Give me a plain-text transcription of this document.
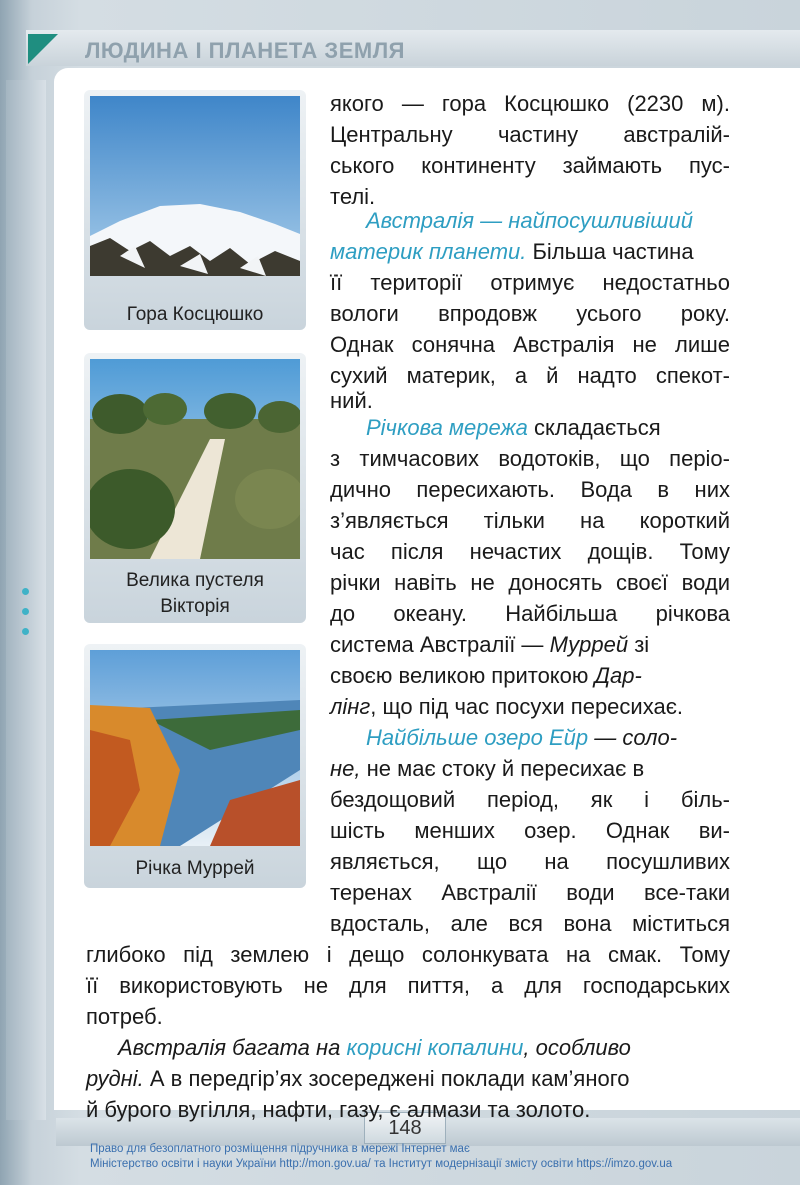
ЛЮДИНА І ПЛАНЕТА ЗЕМЛЯ
Гора Косцюшко
Велика пустеля
Вікторія
Річка Муррей
якого — гора Косцюшко (2230 м).
Центральну частину австралій-
ського континенту займають пус-
телі.
Австралія — найпосушливіший
материк планети. Більша частина
її території отримує недостатньо
вологи впродовж усього року.
Однак сонячна Австралія не лише
сухий материк, а й надто спекот-
ний.
Річкова мережа складається
з тимчасових водотоків, що періо-
дично пересихають. Вода в них
з’являється тільки на короткий
час після нечастих дощів. Тому
річки навіть не доносять своєї води
до океану. Найбільша річкова
система Австралії — Муррей зі
своєю великою притокою Дар-
лінг, що під час посухи пересихає.
Найбільше озеро Ейр — соло-
не, не має стоку й пересихає в
бездощовий період, як і біль-
шість менших озер. Однак ви-
являється, що на посушливих
теренах Австралії води все-таки
вдосталь, але вся вона міститься
глибоко під землею і дещо солонкувата на смак. Тому
її використовують не для пиття, а для господарських
потреб.
Австралія багата на корисні копалини, особливо
рудні. А в передгір’ях зосереджені поклади кам’яного
148
Право для безоплатного розміщення підручника в мережі Інтернет має
Міністерство освіти і науки України http://mon.gov.ua/ та Інститут модернізації змісту освіти https://imzo.gov.ua
й бурого вугілля, нафти, газу, є алмази та золото.
